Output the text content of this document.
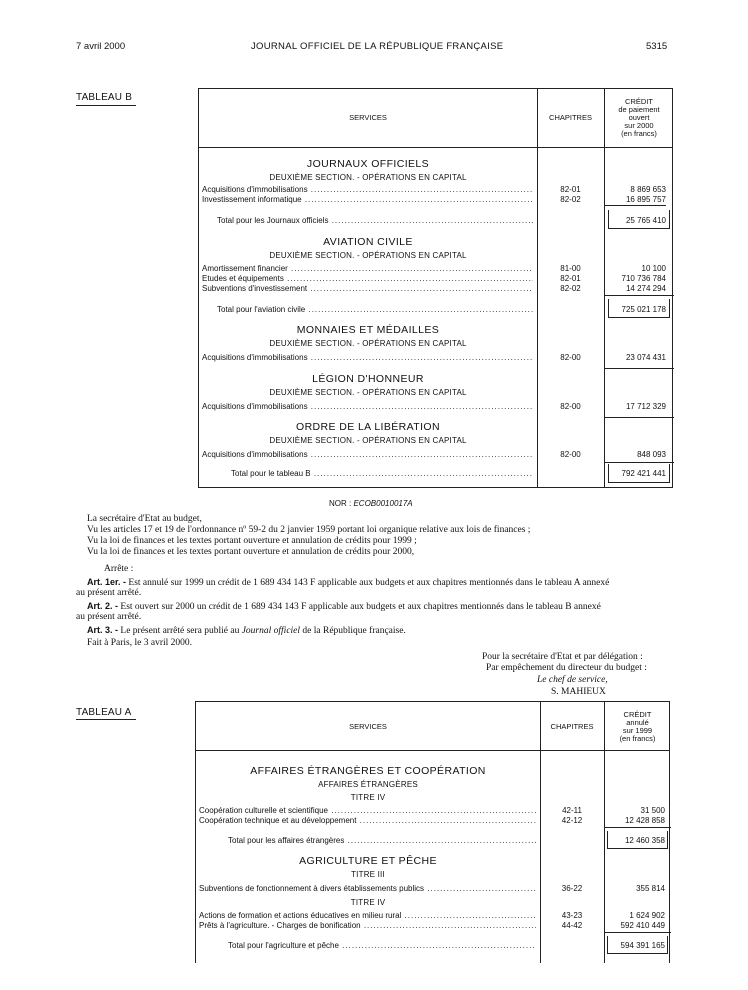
7 avril 2000	JOURNAL OFFICIEL DE LA RÉPUBLIQUE FRANÇAISE	5315
TABLEAU B
SERVICES	CHAPITRES
CRÉDIT
de paiement
ouvert
sur 2000
(en francs)
JOURNAUX OFFICIELS
DEUXIÈME SECTION. - OPÉRATIONS EN CAPITAL
Acquisitions d'immobilisations .....	82-01	8 869 653
Investissement informatique .....	82-02	16 895 757
Total pour les Journaux officiels .....	25 765 410
AVIATION CIVILE
DEUXIÈME SECTION. - OPÉRATIONS EN CAPITAL
Amortissement financier .....	81-00	10 100
Etudes et équipements .....	82-01	710 736 784
Subventions d'investissement .....	82-02	14 274 294
Total pour l'aviation civile .....	725 021 178
MONNAIES ET MÉDAILLES
DEUXIÈME SECTION. - OPÉRATIONS EN CAPITAL
Acquisitions d'immobilisations .....	82-00	23 074 431
LÉGION D'HONNEUR
DEUXIÈME SECTION. - OPÉRATIONS EN CAPITAL
Acquisitions d'immobilisations .....	82-00	17 712 329
ORDRE DE LA LIBÉRATION
DEUXIÈME SECTION. - OPÉRATIONS EN CAPITAL
Acquisitions d'immobilisations .....	82-00	848 093
Total pour le tableau B .....	792 421 441
NOR : ECOB0010017A
La secrétaire d'Etat au budget,
Vu les articles 17 et 19 de l'ordonnance nº 59-2 du 2 janvier 1959 portant loi organique relative aux lois de finances ;
Vu la loi de finances et les textes portant ouverture et annulation de crédits pour 1999 ;
Vu la loi de finances et les textes portant ouverture et annulation de crédits pour 2000,
Arrête :
Art. 1er. - Est annulé sur 1999 un crédit de 1 689 434 143 F applicable aux budgets et aux chapitres mentionnés dans le tableau A annexé
au présent arrêté.
Art. 2. - Est ouvert sur 2000 un crédit de 1 689 434 143 F applicable aux budgets et aux chapitres mentionnés dans le tableau B annexé
au présent arrêté.
Art. 3. - Le présent arrêté sera publié au Journal officiel de la République française.
Fait à Paris, le 3 avril 2000.
Pour la secrétaire d'Etat et par délégation :
Par empêchement du directeur du budget :
Le chef de service,
S. MAHIEUX
TABLEAU A
SERVICES	CHAPITRES
CRÉDIT
annulé
sur 1999
(en francs)
AFFAIRES ÉTRANGÈRES ET COOPÉRATION
AFFAIRES ÉTRANGÈRES
TITRE IV
Coopération culturelle et scientifique .....	42-11	31 500
Coopération technique et au développement .....	42-12	12 428 858
Total pour les affaires étrangères .....	12 460 358
AGRICULTURE ET PÊCHE
TITRE III
Subventions de fonctionnement à divers établissements publics .....	36-22	355 814
TITRE IV
Actions de formation et actions éducatives en milieu rural .....	43-23	1 624 902
Prêts à l'agriculture. - Charges de bonification .....	44-42	592 410 449
Total pour l'agriculture et pêche .....	594 391 165
